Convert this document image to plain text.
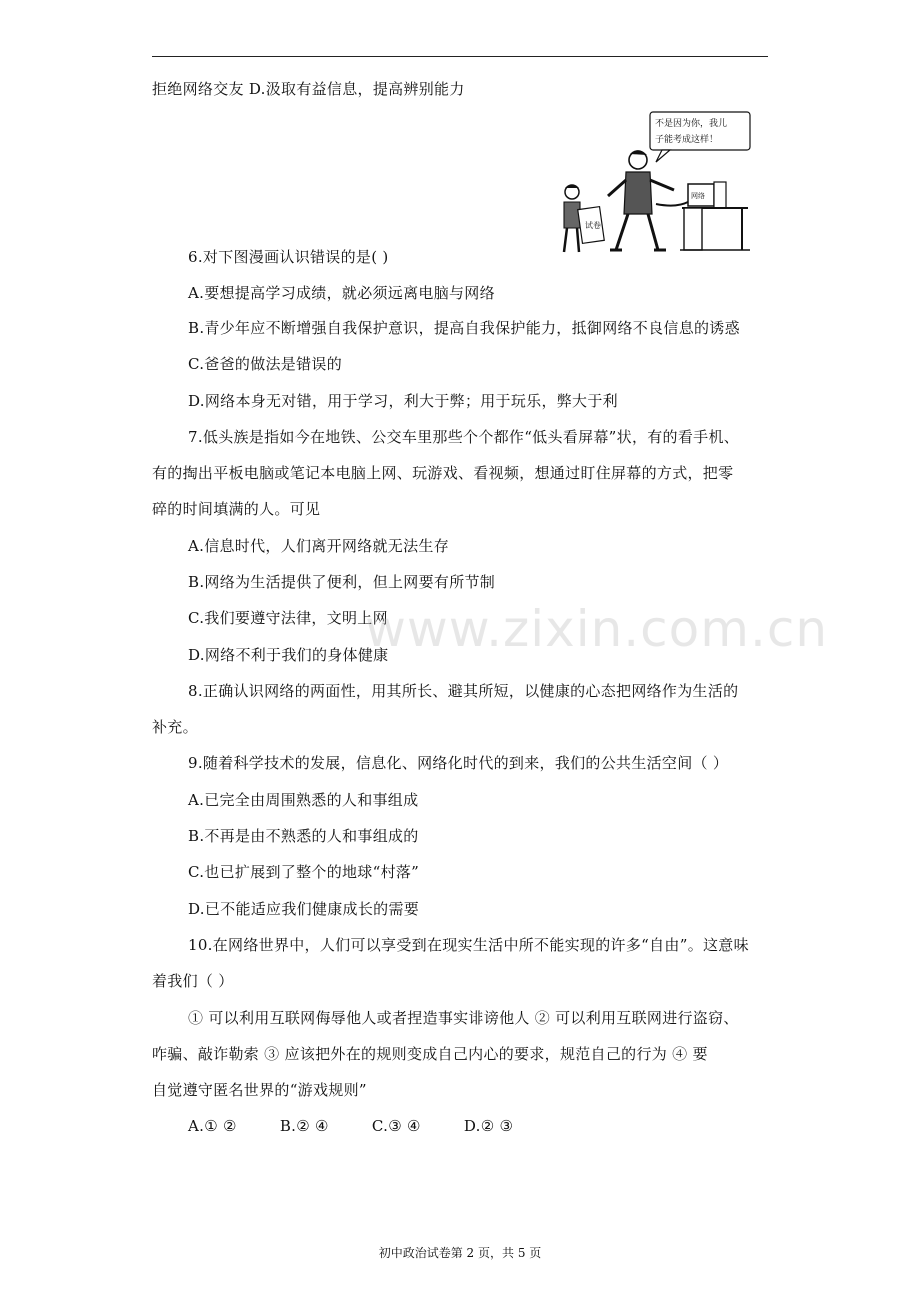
拒绝网络交友 D.汲取有益信息，提高辨别能力
不是因为你，我儿
子能考成这样！
不是因为你，我儿子能考成这样！
试卷
网络
6.对下图漫画认识错误的是( )
A.要想提高学习成绩，就必须远离电脑与网络
B.青少年应不断增强自我保护意识，提高自我保护能力，抵御网络不良信息的诱惑
C.爸爸的做法是错误的
D.网络本身无对错，用于学习，利大于弊；用于玩乐，弊大于利
7.低头族是指如今在地铁、公交车里那些个个都作“低头看屏幕”状，有的看手机、
有的掏出平板电脑或笔记本电脑上网、玩游戏、看视频，想通过盯住屏幕的方式，把零
碎的时间填满的人。可见
A.信息时代，人们离开网络就无法生存
B.网络为生活提供了便利，但上网要有所节制
C.我们要遵守法律，文明上网
D.网络不利于我们的身体健康
8.正确认识网络的两面性，用其所长、避其所短，以健康的心态把网络作为生活的
补充。
9.随着科学技术的发展，信息化、网络化时代的到来，我们的公共生活空间（ ）
A.已完全由周围熟悉的人和事组成
B.不再是由不熟悉的人和事组成的
C.也已扩展到了整个的地球“村落”
D.已不能适应我们健康成长的需要
10.在网络世界中，人们可以享受到在现实生活中所不能实现的许多“自由”。这意味
着我们（ ）
① 可以利用互联网侮辱他人或者捏造事实诽谤他人 ② 可以利用互联网进行盗窃、
咋骗、敲诈勒索 ③ 应该把外在的规则变成自己内心的要求，规范自己的行为 ④ 要
自觉遵守匿名世界的“游戏规则”
A.① ②	B.② ④	C.③ ④	D.② ③
www.zixin.com.cn
初中政治试卷第 2 页，共 5 页
